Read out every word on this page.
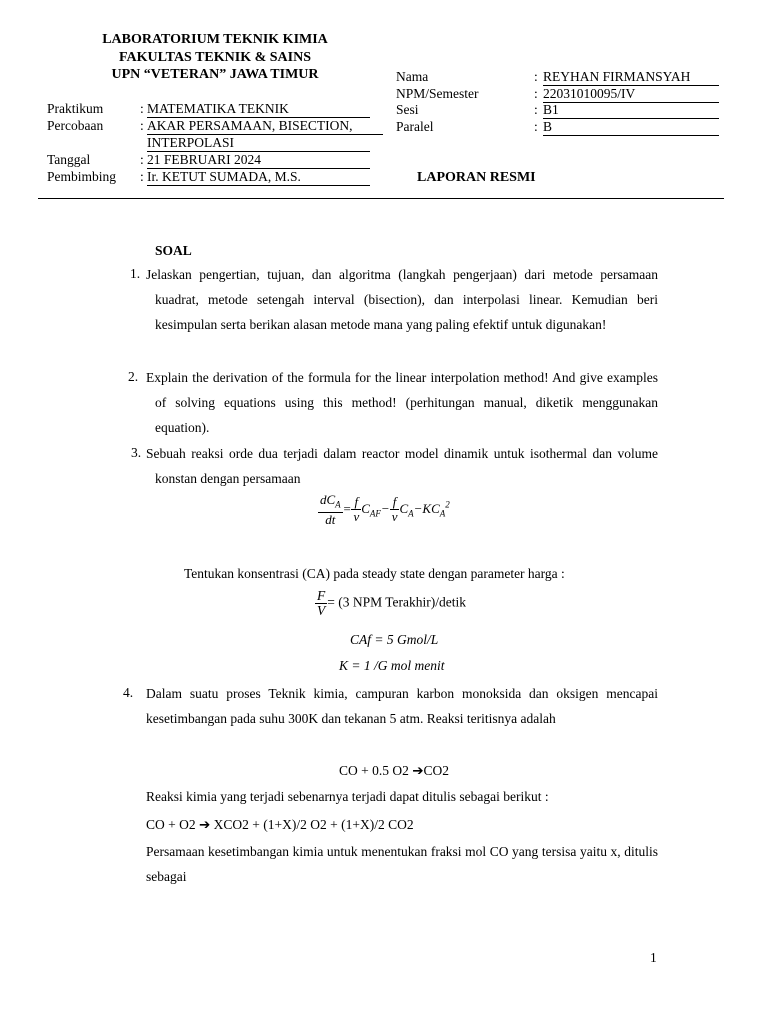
LABORATORIUM TEKNIK KIMIA
FAKULTAS TEKNIK & SAINS
UPN “VETERAN” JAWA TIMUR
Praktikum	: MATEMATIKA TEKNIK
Percobaan	: AKAR PERSAMAAN, BISECTION,
INTERPOLASI
Tanggal	: 21 FEBRUARI 2024
Pembimbing : Ir. KETUT SUMADA, M.S.
Nama	: REYHAN FIRMANSYAH
NPM/Semester	: 22031010095/IV
Sesi	: B1
Paralel	: B
LAPORAN RESMI
SOAL
1. Jelaskan pengertian, tujuan, dan algoritma (langkah pengerjaan) dari metode persamaan kuadrat, metode setengah interval (bisection), dan interpolasi linear. Kemudian beri kesimpulan serta berikan alasan metode mana yang paling efektif untuk digunakan!
2. Explain the derivation of the formula for the linear interpolation method! And give examples of solving equations using this method! (perhitungan manual, diketik menggunakan equation).
3. Sebuah reaksi orde dua terjadi dalam reactor model dinamik untuk isothermal dan volume konstan dengan persamaan
$\frac{dC_A}{dt} = \frac{f}{v} C_{AF}- \frac{f}{v} C_A-KC_A^2$
Tentukan konsentrasi (CA) pada steady state dengan parameter harga :
$\frac{F}{V} = (3$ NPM Terakhir)/detik
CAf = 5 Gmol/L
K = 1 /G mol menit
4. Dalam suatu proses Teknik kimia, campuran karbon monoksida dan oksigen mencapai kesetimbangan pada suhu 300K dan tekanan 5 atm. Reaksi teritisnya adalah
CO + 0.5 O2 ➔CO2
Reaksi kimia yang terjadi sebenarnya terjadi dapat ditulis sebagai berikut :
CO + O2 ➔ XCO2 + (1+X)/2 O2 + (1+X)/2 CO2
Persamaan kesetimbangan kimia untuk menentukan fraksi mol CO yang tersisa yaitu x, ditulis sebagai
1
